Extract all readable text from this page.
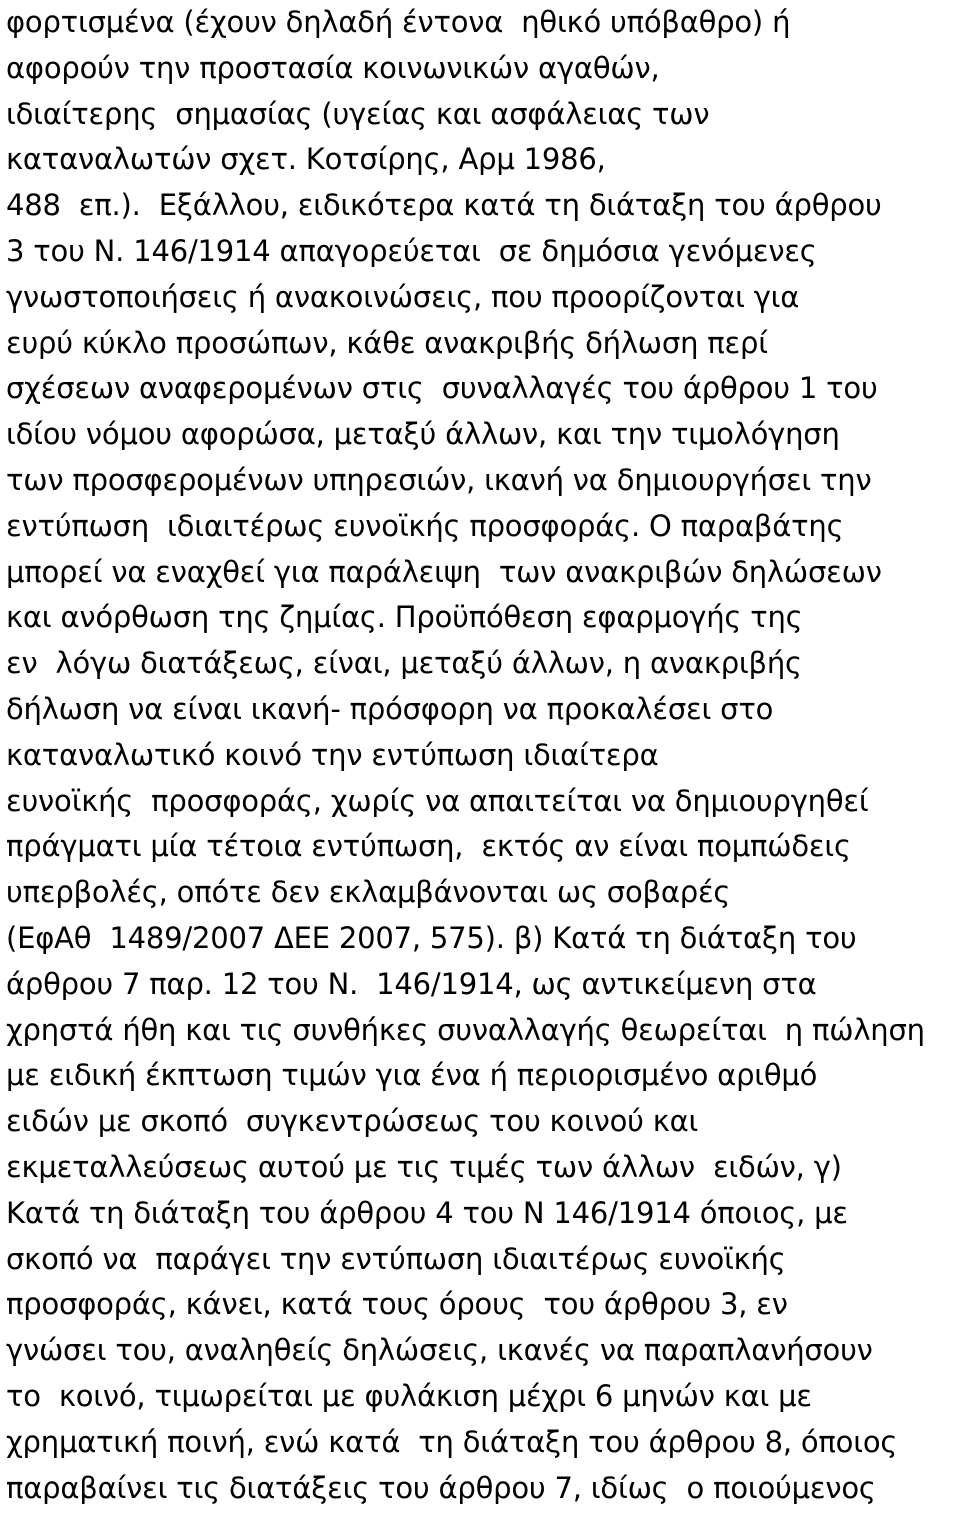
φορτισμένα (έχουν δηλαδή έντονα  ηθικό υπόβαθρο) ή
αφορούν την προστασία κοινωνικών αγαθών,
ιδιαίτερης  σημασίας (υγείας και ασφάλειας των
καταναλωτών σχετ. Κοτσίρης, Αρμ 1986,
488  επ.).  Εξάλλου, ειδικότερα κατά τη διάταξη του άρθρου
3 του Ν. 146/1914 απαγορεύεται  σε δημόσια γενόμενες
γνωστοποιήσεις ή ανακοινώσεις, που προορίζονται για
ευρύ κύκλο προσώπων, κάθε ανακριβής δήλωση περί
σχέσεων αναφερομένων στις  συναλλαγές του άρθρου 1 του
ιδίου νόμου αφορώσα, μεταξύ άλλων, και την τιμολόγηση
των προσφερομένων υπηρεσιών, ικανή να δημιουργήσει την
εντύπωση  ιδιαιτέρως ευνοϊκής προσφοράς. Ο παραβάτης
μπορεί να εναχθεί για παράλειψη  των ανακριβών δηλώσεων
και ανόρθωση της ζημίας. Προϋπόθεση εφαρμογής της
εν  λόγω διατάξεως, είναι, μεταξύ άλλων, η ανακριβής
δήλωση να είναι ικανή- πρόσφορη να προκαλέσει στο
καταναλωτικό κοινό την εντύπωση ιδιαίτερα
ευνοϊκής  προσφοράς, χωρίς να απαιτείται να δημιουργηθεί
πράγματι μία τέτοια εντύπωση,  εκτός αν είναι πομπώδεις
υπερβολές, οπότε δεν εκλαμβάνονται ως σοβαρές
(ΕφΑθ  1489/2007 ΔΕΕ 2007, 575). β) Κατά τη διάταξη του
άρθρου 7 παρ. 12 του Ν.  146/1914, ως αντικείμενη στα
χρηστά ήθη και τις συνθήκες συναλλαγής θεωρείται  η πώληση
με ειδική έκπτωση τιμών για ένα ή περιορισμένο αριθμό
ειδών με σκοπό  συγκεντρώσεως του κοινού και
εκμεταλλεύσεως αυτού με τις τιμές των άλλων  ειδών, γ)
Κατά τη διάταξη του άρθρου 4 του Ν 146/1914 όποιος, με
σκοπό να  παράγει την εντύπωση ιδιαιτέρως ευνοϊκής
προσφοράς, κάνει, κατά τους όρους  του άρθρου 3, εν
γνώσει του, αναληθείς δηλώσεις, ικανές να παραπλανήσουν
το  κοινό, τιμωρείται με φυλάκιση μέχρι 6 μηνών και με
χρηματική ποινή, ενώ κατά  τη διάταξη του άρθρου 8, όποιος
παραβαίνει τις διατάξεις του άρθρου 7, ιδίως  ο ποιούμενος
